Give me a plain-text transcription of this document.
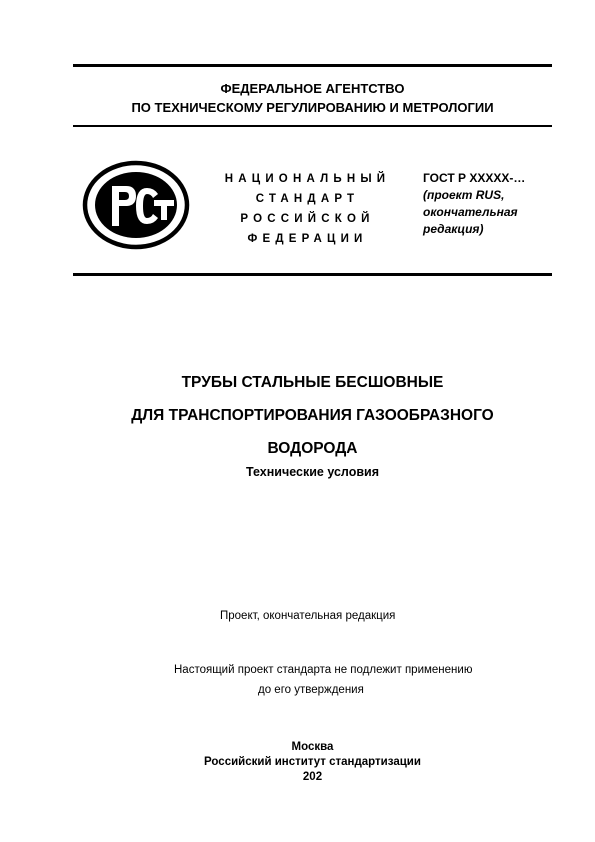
ФЕДЕРАЛЬНОЕ АГЕНТСТВО
ПО ТЕХНИЧЕСКОМУ РЕГУЛИРОВАНИЮ И МЕТРОЛОГИИ
НАЦИОНАЛЬНЫЙ
СТАНДАРТ
РОССИЙСКОЙ
ФЕДЕРАЦИИ
ГОСТ Р XXXXX-…
(проект RUS,
окончательная
редакция)
ТРУБЫ СТАЛЬНЫЕ БЕСШОВНЫЕ
ДЛЯ ТРАНСПОРТИРОВАНИЯ ГАЗООБРАЗНОГО
ВОДОРОДА
Технические условия
Проект, окончательная редакция
Настоящий проект стандарта не подлежит применению
до его утверждения
Москва
Российский институт стандартизации
202
